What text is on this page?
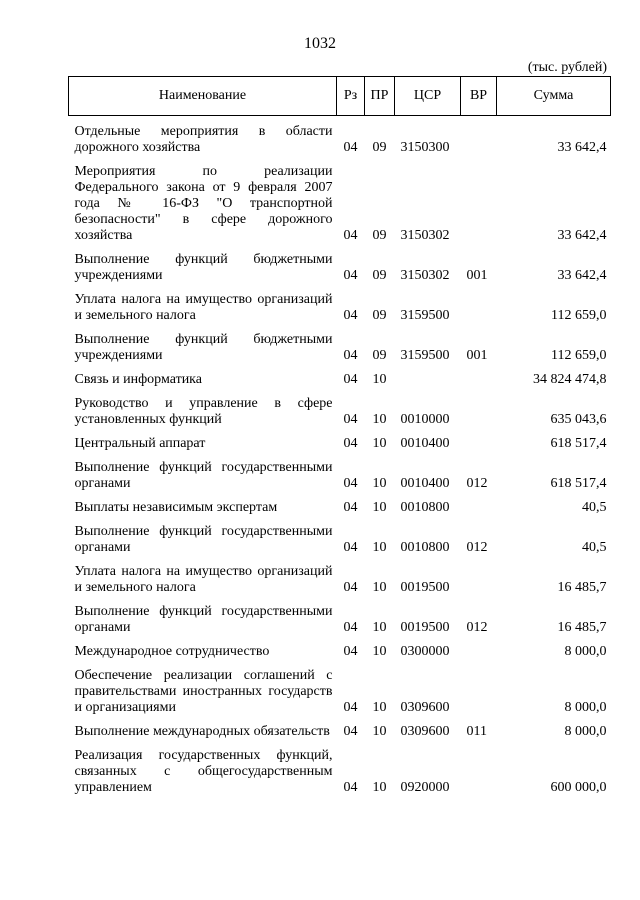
1032
(тыс. рублей)
Наименование	Рз	ПР	ЦСР	ВР	Сумма

Отдельные мероприятия в области дорожного хозяйства	04	09	3150300		33 642,4

Мероприятия по реализации Федерального закона от 9 февраля 2007 года № 16-ФЗ "О транспортной безопасности" в сфере дорожного хозяйства	04	09	3150302		33 642,4

Выполнение функций бюджетными учреждениями	04	09	3150302	001	33 642,4

Уплата налога на имущество организаций и земельного налога	04	09	3159500		112 659,0

Выполнение функций бюджетными учреждениями	04	09	3159500	001	112 659,0

Связь и информатика	04	10			34 824 474,8

Руководство и управление в сфере установленных функций	04	10	0010000		635 043,6

Центральный аппарат	04	10	0010400		618 517,4

Выполнение функций государственными органами	04	10	0010400	012	618 517,4

Выплаты независимым экспертам	04	10	0010800		40,5

Выполнение функций государственными органами	04	10	0010800	012	40,5

Уплата налога на имущество организаций и земельного налога	04	10	0019500		16 485,7

Выполнение функций государственными органами	04	10	0019500	012	16 485,7

Международное сотрудничество	04	10	0300000		8 000,0

Обеспечение реализации соглашений с правительствами иностранных государств и организациями	04	10	0309600		8 000,0

Выполнение международных обязательств	04	10	0309600	011	8 000,0

Реализация государственных функций, связанных с общегосударственным управлением	04	10	0920000		600 000,0
